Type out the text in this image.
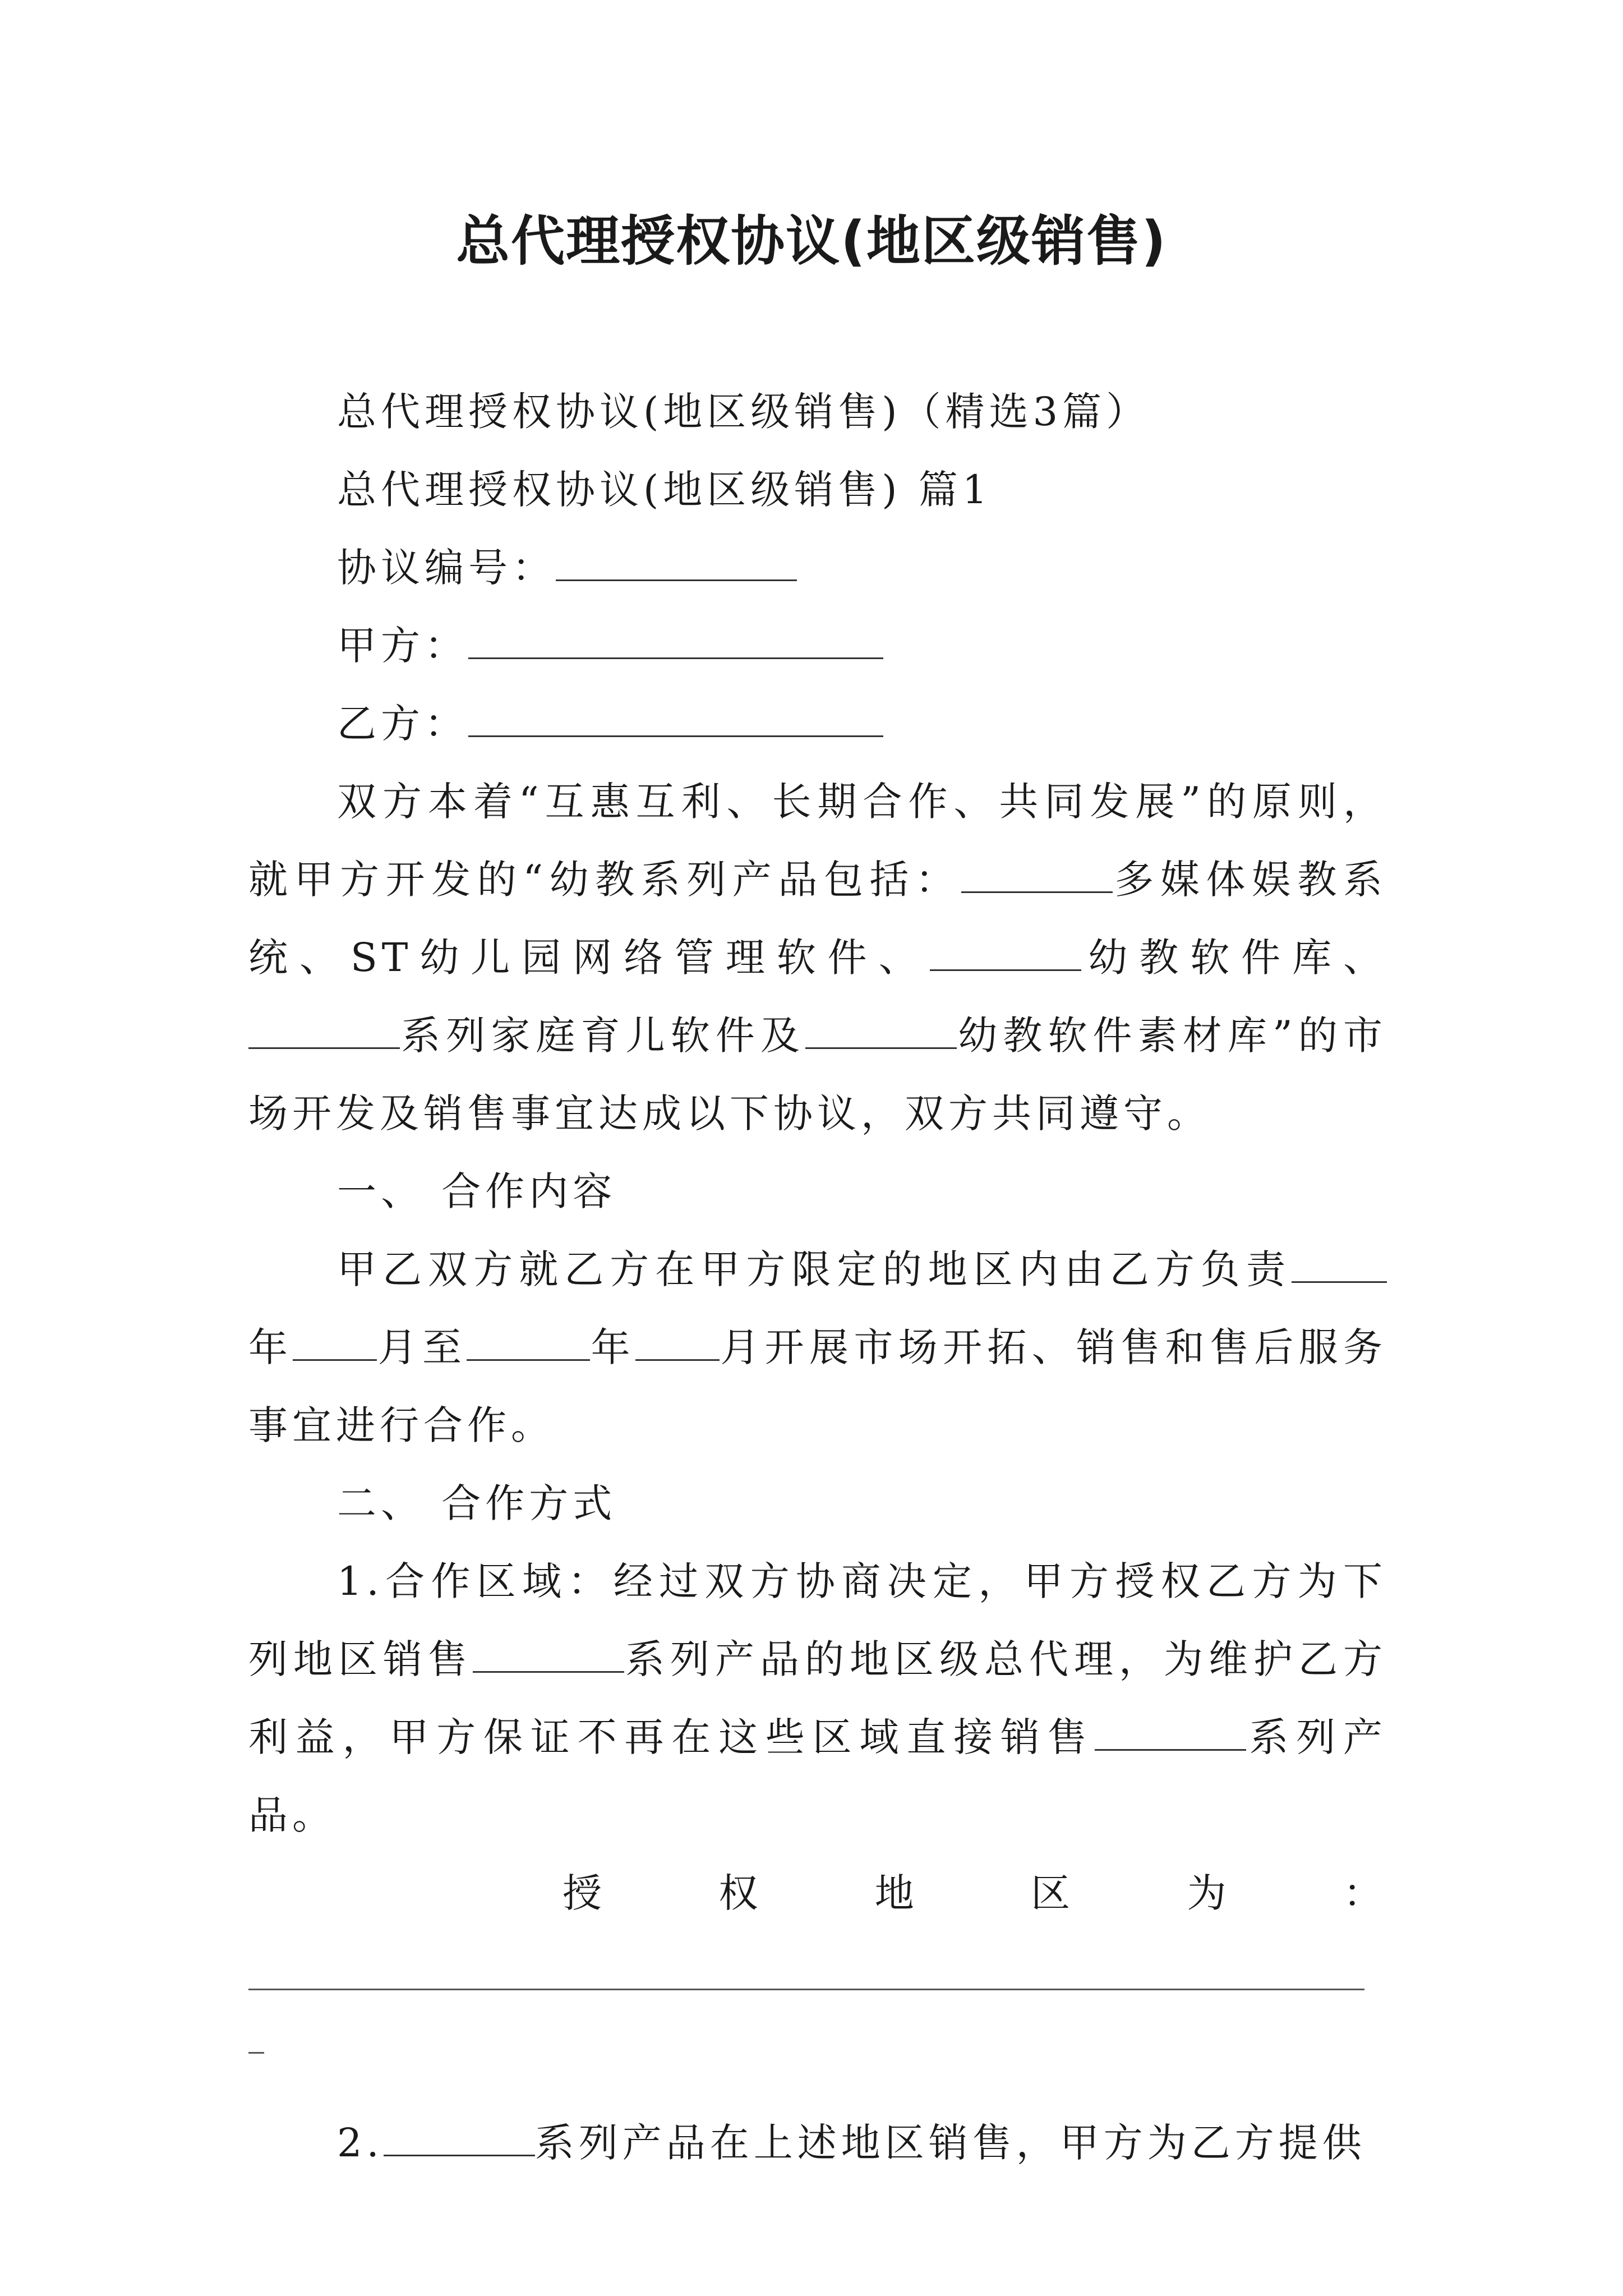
总代理授权协议(地区级销售)

总代理授权协议(地区级销售)（精选3篇）

总代理授权协议(地区级销售) 篇1

协议编号：

甲方：

乙方：

双方本着“互惠互利、长期合作、共同发展”的原则，就甲方开发的“幼教系列产品包括：	多媒体娱教系统、ST幼儿园网络管理软件、	幼教软件库、系列家庭育儿软件及	幼教软件素材库”的市场开发及销售事宜达成以下协议，双方共同遵守。

一、 合作内容

甲乙双方就乙方在甲方限定的地区内由乙方负责年 月至	年 月开展市场开拓、销售和售后服务事宜进行合作。

二、 合作方式

1.合作区域：经过双方协商决定，甲方授权乙方为下列地区销售	系列产品的地区级总代理，为维护乙方利益，甲方保证不再在这些区域直接销售	系列产品。

授	权	地	区	为	：

2.	系列产品在上述地区销售，甲方为乙方提供
